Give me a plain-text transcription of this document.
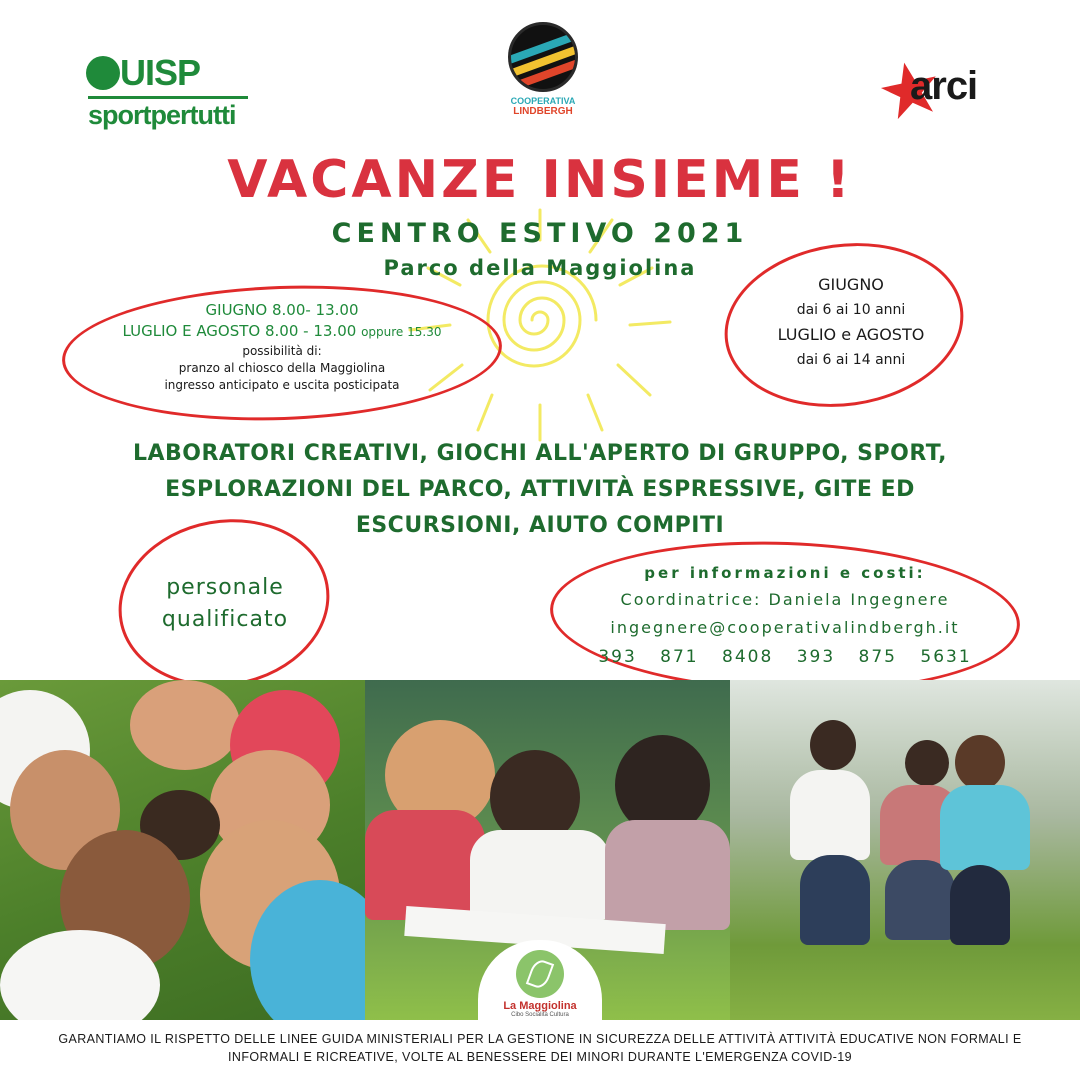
UISP
sportpertutti	COOPERATIVA
LINDBERGH
arci
VACANZE INSIEME !
CENTRO ESTIVO 2021
Parco della Maggiolina
GIUGNO 8.00- 13.00
LUGLIO E AGOSTO 8.00 - 13.00 oppure 15.30
possibilità di:
pranzo al chiosco della Maggiolina
ingresso anticipato e uscita posticipata
GIUGNO
dai 6 ai 10 anni
LUGLIO e AGOSTO
dai 6 ai 14 anni
LABORATORI CREATIVI, GIOCHI ALL'APERTO DI GRUPPO, SPORT,
ESPLORAZIONI DEL PARCO, ATTIVITÀ ESPRESSIVE, GITE ED
ESCURSIONI, AIUTO COMPITI
personale
qualificato
per informazioni e costi:
Coordinatrice: Daniela Ingegnere
ingegnere@cooperativalindbergh.it
393 871 8408 393 875 5631
La Maggiolina
Cibo Socialità Cultura
GARANTIAMO IL RISPETTO DELLE LINEE GUIDA MINISTERIALI PER LA GESTIONE IN SICUREZZA DELLE ATTIVITÀ ATTIVITÀ EDUCATIVE NON FORMALI E
INFORMALI E RICREATIVE, VOLTE AL BENESSERE DEI MINORI DURANTE L'EMERGENZA COVID-19
